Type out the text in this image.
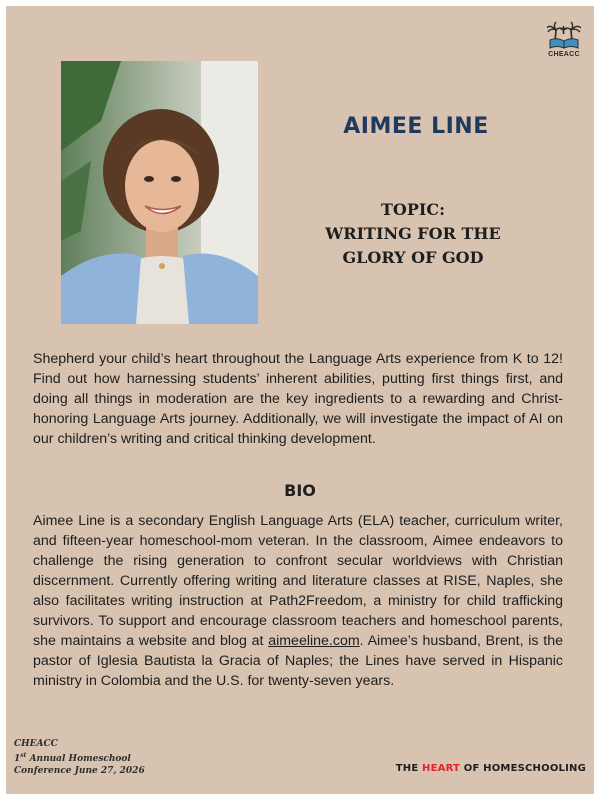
CHEACC
AIMEE LINE
TOPIC:
WRITING FOR THE
GLORY OF GOD
Shepherd your child’s heart throughout the Language Arts experience from K to 12! Find out how harnessing students’ inherent abilities, putting first things first, and doing all things in moderation are the key ingredients to a rewarding and Christ-honoring Language Arts journey. Additionally, we will investigate the impact of AI on our children’s writing and critical thinking development.
BIO
Aimee Line is a secondary English Language Arts (ELA) teacher, curriculum writer, and fifteen-year homeschool-mom veteran. In the classroom, Aimee endeavors to challenge the rising generation to confront secular worldviews with Christian discernment. Currently offering writing and literature classes at RISE, Naples, she also facilitates writing instruction at Path2Freedom, a ministry for child trafficking survivors. To support and encourage classroom teachers and homeschool parents, she maintains a website and blog at aimeeline.com. Aimee’s husband, Brent, is the pastor of Iglesia Bautista la Gracia of Naples; the Lines have served in Hispanic ministry in Colombia and the U.S. for twenty-seven years.
CHEACC
1st Annual Homeschool
Conference June 27, 2026	THE HEART OF HOMESCHOOLING
